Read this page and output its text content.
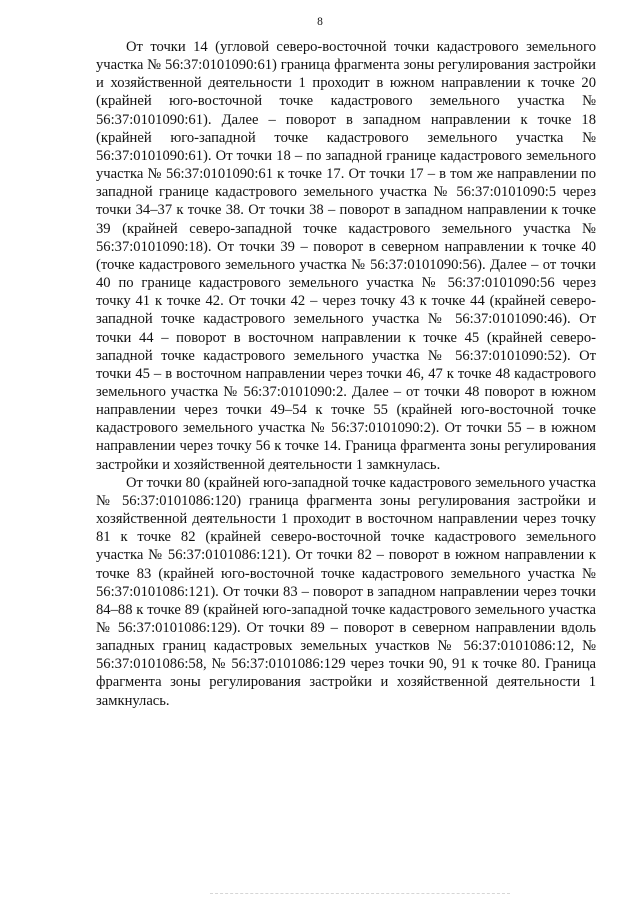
8

От точки 14 (угловой северо-восточной точки кадастрового земельного участка № 56:37:0101090:61) граница фрагмента зоны регулирования застройки и хозяйственной деятельности 1 проходит в южном направлении к точке 20 (крайней юго-восточной точке кадастрового земельного участка № 56:37:0101090:61). Далее – поворот в западном направлении к точке 18 (крайней юго-западной точке кадастрового земельного участка № 56:37:0101090:61). От точки 18 – по западной границе кадастрового земельного участка № 56:37:0101090:61 к точке 17. От точки 17 – в том же направлении по западной границе кадастрового земельного участка № 56:37:0101090:5 через точки 34–37 к точке 38. От точки 38 – поворот в западном направлении к точке 39 (крайней северо-западной точке кадастрового земельного участка № 56:37:0101090:18). От точки 39 – поворот в северном направлении к точке 40 (точке кадастрового земельного участка № 56:37:0101090:56). Далее – от точки 40 по границе кадастрового земельного участка № 56:37:0101090:56 через точку 41 к точке 42. От точки 42 – через точку 43 к точке 44 (крайней северо-западной точке кадастрового земельного участка № 56:37:0101090:46). От точки 44 – поворот в восточном направлении к точке 45 (крайней северо-западной точке кадастрового земельного участка № 56:37:0101090:52). От точки 45 – в восточном направлении через точки 46, 47 к точке 48 кадастрового земельного участка № 56:37:0101090:2. Далее – от точки 48 поворот в южном направлении через точки 49–54 к точке 55 (крайней юго-восточной точке кадастрового земельного участка № 56:37:0101090:2). От точки 55 – в южном направлении через точку 56 к точке 14. Граница фрагмента зоны регулирования застройки и хозяйственной деятельности 1 замкнулась.

От точки 80 (крайней юго-западной точке кадастрового земельного участка № 56:37:0101086:120) граница фрагмента зоны регулирования застройки и хозяйственной деятельности 1 проходит в восточном направлении через точку 81 к точке 82 (крайней северо-восточной точке кадастрового земельного участка № 56:37:0101086:121). От точки 82 – поворот в южном направлении к точке 83 (крайней юго-восточной точке кадастрового земельного участка № 56:37:0101086:121). От точки 83 – поворот в западном направлении через точки 84–88 к точке 89 (крайней юго-западной точке кадастрового земельного участка № 56:37:0101086:129). От точки 89 – поворот в северном направлении вдоль западных границ кадастровых земельных участков № 56:37:0101086:12, № 56:37:0101086:58, № 56:37:0101086:129 через точки 90, 91 к точке 80. Граница фрагмента зоны регулирования застройки и хозяйственной деятельности 1 замкнулась.
